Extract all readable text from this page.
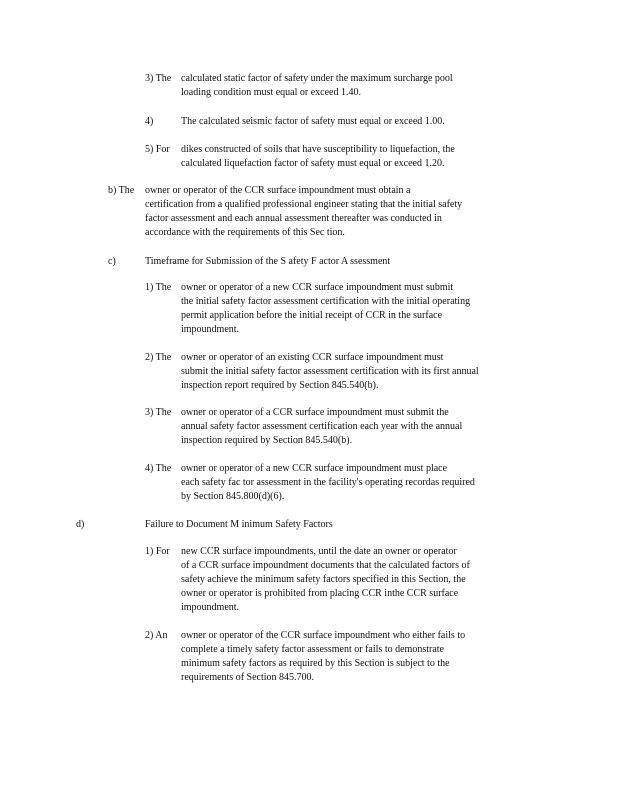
3) The calculated static factor of safety under the maximum surcharge pool
loading condition must equal or exceed 1.40.
4)	The calculated seismic factor of safety must equal or exceed 1.00.
5) For dikes constructed of soils that have susceptibility to liquefaction, the
calculated liquefaction factor of safety must equal or exceed 1.20.
b) The owner or operator of the CCR surface impoundment must obtain a
certification from a qualified professional engineer stating that the initial safety
factor assessment and each annual assessment thereafter was conducted in
accordance with the requirements of this Sec tion.
c)	Timeframe for Submission of the S afety F actor A ssessment
1) The owner or operator of a new CCR surface impoundment must submit
the initial safety factor assessment certification with the initial operating
permit application before the initial receipt of CCR in the surface
impoundment.
2) The owner or operator of an existing CCR surface impoundment must
submit the initial safety factor assessment certification with its first annual
inspection report required by Section 845.540(b).
3) The owner or operator of a CCR surface impoundment must submit the
annual safety factor assessment certification each year with the annual
inspection required by Section 845.540(b).
4) The owner or operator of a new CCR surface impoundment must place
each safety fac tor assessment in the facility's operating recordas required
by Section 845.800(d)(6).
d)	Failure to Document M inimum Safety Factors
1) For new CCR surface impoundments, until the date an owner or operator
of a CCR surface impoundment documents that the calculated factors of
safety achieve the minimum safety factors specified in this Section, the
owner or operator is prohibited from placing CCR inthe CCR surface
impoundment.
2) An owner or operator of the CCR surface impoundment who either fails to
complete a timely safety factor assessment or fails to demonstrate
minimum safety factors as required by this Section is subject to the
requirements of Section 845.700.
